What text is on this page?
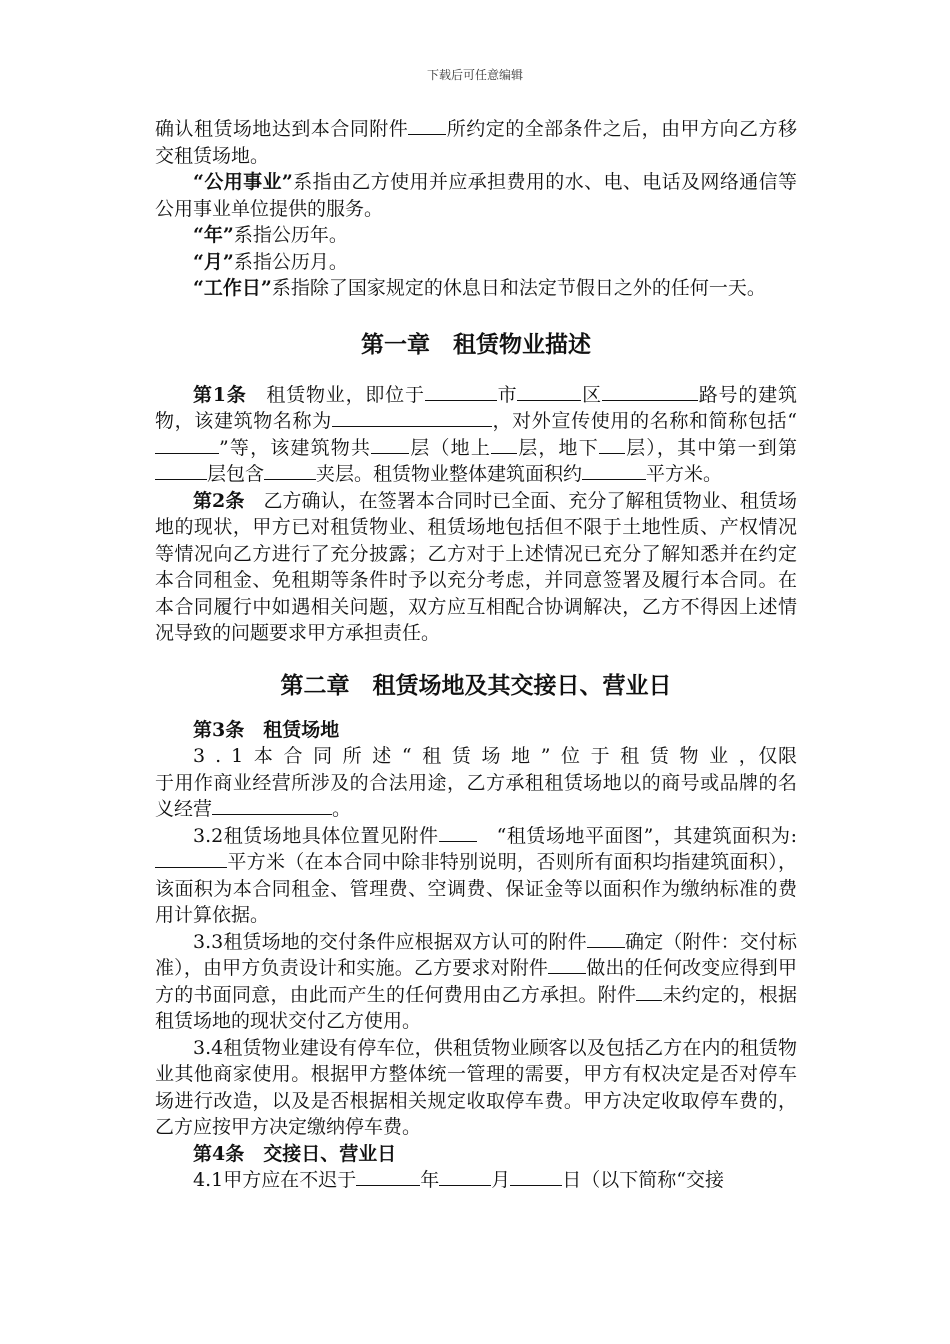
下载后可任意编辑

确认租赁场地达到本合同附件 所约定的全部条件之后，由甲方向乙方移交租赁场地。

“公用事业”系指由乙方使用并应承担费用的水、电、电话及网络通信等公用事业单位提供的服务。

“年”系指公历年。

“月”系指公历月。

“工作日”系指除了国家规定的休息日和法定节假日之外的任何一天。

第一章　租赁物业描述

第1条　租赁物业，即位于	市	区	路号的建筑物，该建筑物名称为	，对外宣传使用的名称和简称包括“”等，该建筑物共 层（地上 层，地下 层），其中第一到第层包含	夹层。租赁物业整体建筑面积约	平方米。

第2条　乙方确认，在签署本合同时已全面、充分了解租赁物业、租赁场地的现状，甲方已对租赁物业、租赁场地包括但不限于土地性质、产权情况等情况向乙方进行了充分披露；乙方对于上述情况已充分了解知悉并在约定本合同租金、免租期等条件时予以充分考虑，并同意签署及履行本合同。在本合同履行中如遇相关问题，双方应互相配合协调解决，乙方不得因上述情况导致的问题要求甲方承担责任。

第二章　租赁场地及其交接日、营业日

第3条　租赁场地

3.1本合同所述“租赁场地”位于租赁物业，仅限于用作商业经营所涉及的合法用途，乙方承租租赁场地以的商号或品牌的名义经营	。

3.2租赁场地具体位置见附件　	“租赁场地平面图”，其建筑面积为: 平方米（在本合同中除非特别说明，否则所有面积均指建筑面积），该面积为本合同租金、管理费、空调费、保证金等以面积作为缴纳标准的费用计算依据。

3.3租赁场地的交付条件应根据双方认可的附件 确定（附件：交付标准），由甲方负责设计和实施。乙方要求对附件 做出的任何改变应得到甲方的书面同意，由此而产生的任何费用由乙方承担。附件 未约定的，根据租赁场地的现状交付乙方使用。

3.4租赁物业建设有停车位，供租赁物业顾客以及包括乙方在内的租赁物业其他商家使用。根据甲方整体统一管理的需要，甲方有权决定是否对停车场进行改造，以及是否根据相关规定收取停车费。甲方决定收取停车费的，乙方应按甲方决定缴纳停车费。

第4条　交接日、营业日

4.1甲方应在不迟于	年	月	日（以下简称“交接
